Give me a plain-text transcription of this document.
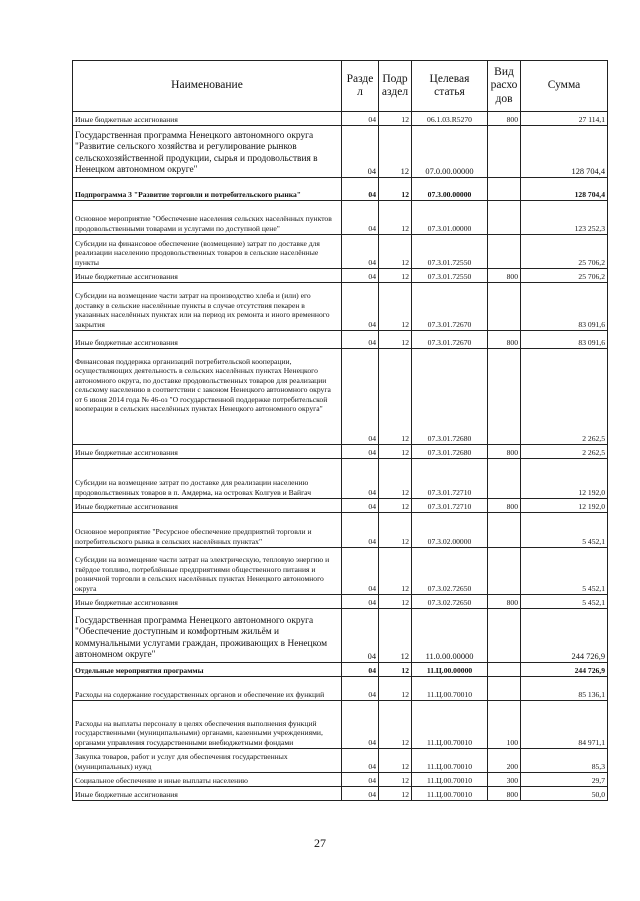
Наименование	Разде л	Подр аздел	Целевая статья	Вид расхо дов	Сумма
Иные бюджетные ассигнования	04	12	06.1.03.R5270	800	27 114,1
Государственная программа Ненецкого автономного округа "Развитие сельского хозяйства и регулирование рынков сельскохозяйственной продукции, сырья и продовольствия в Ненецком автономном округе"	04	12	07.0.00.00000		128 704,4
Подпрограмма 3 "Развитие торговли и потребительского рынка"	04	12	07.3.00.00000		128 704,4
Основное мероприятие "Обеспечение населения сельских населённых пунктов продовольственными товарами и услугами по доступной цене"	04	12	07.3.01.00000		123 252,3
Субсидии на финансовое обеспечение (возмещение) затрат по доставке для реализации населению продовольственных товаров в сельские населённые пункты	04	12	07.3.01.72550		25 706,2
Иные бюджетные ассигнования	04	12	07.3.01.72550	800	25 706,2
Субсидии на возмещение части затрат на производство хлеба и (или) его доставку в сельские населённые пункты в случае отсутствия пекарен в указанных населённых пунктах или на период их ремонта и иного временного закрытия	04	12	07.3.01.72670		83 091,6
Иные бюджетные ассигнования	04	12	07.3.01.72670	800	83 091,6
Финансовая поддержка организаций потребительской кооперации, осуществляющих деятельность в сельских населённых пунктах Ненецкого автономного округа, по доставке продовольственных товаров для реализации сельскому населению в соответствии с законом Ненецкого автономного округа от 6 июня 2014 года № 46-оз "О государственной поддержке потребительской кооперации в сельских населённых пунктах Ненецкого автономного округа"	04	12	07.3.01.72680		2 262,5
Иные бюджетные ассигнования	04	12	07.3.01.72680	800	2 262,5
Субсидии на возмещение затрат по доставке для реализации населению продовольственных товаров в п. Амдерма, на островах Колгуев и Вайгач	04	12	07.3.01.72710		12 192,0
Иные бюджетные ассигнования	04	12	07.3.01.72710	800	12 192,0
Основное мероприятие "Ресурсное обеспечение предприятий торговли и потребительского рынка в сельских населённых пунктах"	04	12	07.3.02.00000		5 452,1
Субсидии на возмещение части затрат на электрическую, тепловую энергию и твёрдое топливо, потреблённые предприятиями общественного питания и розничной торговли в сельских населённых пунктах Ненецкого автономного округа	04	12	07.3.02.72650		5 452,1
Иные бюджетные ассигнования	04	12	07.3.02.72650	800	5 452,1
Государственная программа Ненецкого автономного округа "Обеспечение доступным и комфортным жильём и коммунальными услугами граждан, проживающих в Ненецком автономном округе"	04	12	11.0.00.00000		244 726,9
Отдельные мероприятия программы	04	12	11.Ц.00.00000		244 726,9
Расходы на содержание государственных органов и обеспечение их функций	04	12	11.Ц.00.70010		85 136,1
Расходы на выплаты персоналу в целях обеспечения выполнения функций государственными (муниципальными) органами, казенными учреждениями, органами управления государственными внебюджетными фондами	04	12	11.Ц.00.70010	100	84 971,1
Закупка товаров, работ и услуг для обеспечения государственных (муниципальных) нужд	04	12	11.Ц.00.70010	200	85,3
Социальное обеспечение и иные выплаты населению	04	12	11.Ц.00.70010	300	29,7
Иные бюджетные ассигнования	04	12	11.Ц.00.70010	800	50,0
27
